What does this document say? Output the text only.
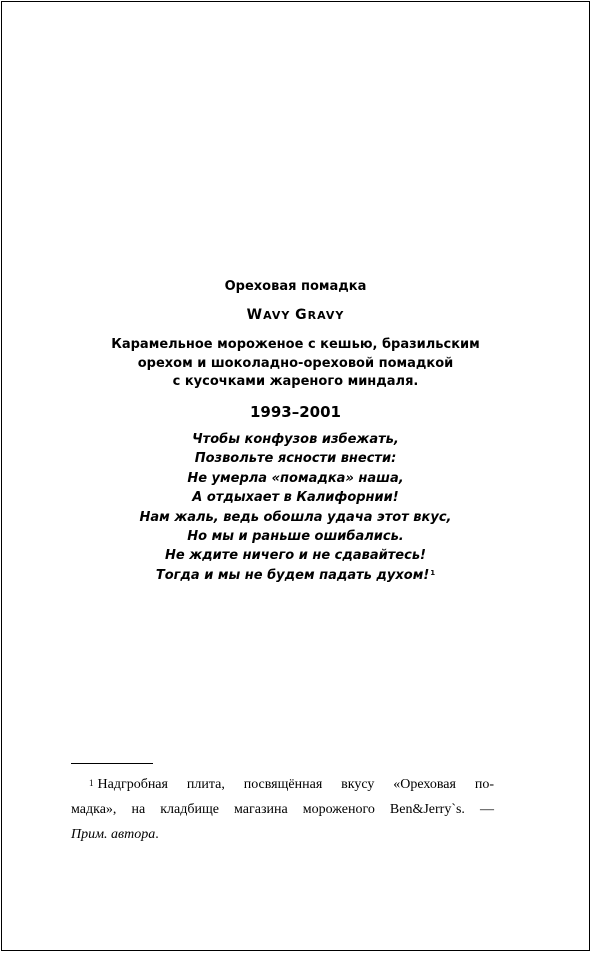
Ореховая помадка
WAVY GRAVY
Карамельное мороженое с кешью, бразильским
орехом и шоколадно-ореховой помадкой
с кусочками жареного миндаля.
1993–2001
Чтобы конфузов избежать,
Позвольте ясности внести:
Не умерла «помадка» наша,
А отдыхает в Калифорнии!
Нам жаль, ведь обошла удача этот вкус,
Но мы и раньше ошибались.
Не ждите ничего и не сдавайтесь!
Тогда и мы не будем падать духом!$^1$
$^1$ Надгробная плита, посвящённая вкусу «Ореховая по-
мадка», на кладбище магазина мороженого Ben&Jerry`s. —
Прим. автора.
